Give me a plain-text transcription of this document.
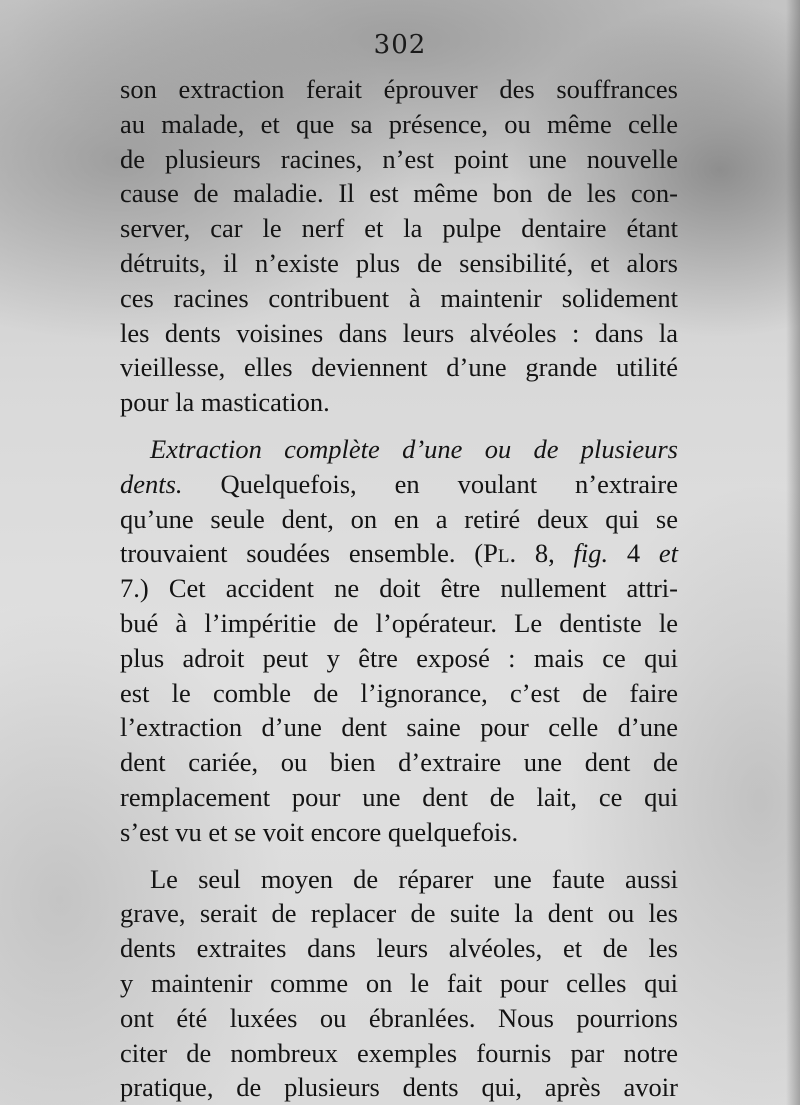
302
son extraction ferait éprouver des souffrances
au malade, et que sa présence, ou même celle
de plusieurs racines, n’est point une nouvelle
cause de maladie. Il est même bon de les con-
server, car le nerf et la pulpe dentaire étant
détruits, il n’existe plus de sensibilité, et alors
ces racines contribuent à maintenir solidement
les dents voisines dans leurs alvéoles : dans la
vieillesse, elles deviennent d’une grande utilité
pour la mastication.
Extraction complète d’une ou de plusieurs
dents. Quelquefois, en voulant n’extraire
qu’une seule dent, on en a retiré deux qui se
trouvaient soudées ensemble. (Pl. 8, fig. 4 et
7.) Cet accident ne doit être nullement attri-
bué à l’impéritie de l’opérateur. Le dentiste le
plus adroit peut y être exposé : mais ce qui
est le comble de l’ignorance, c’est de faire
l’extraction d’une dent saine pour celle d’une
dent cariée, ou bien d’extraire une dent de
remplacement pour une dent de lait, ce qui
s’est vu et se voit encore quelquefois.
Le seul moyen de réparer une faute aussi
grave, serait de replacer de suite la dent ou les
dents extraites dans leurs alvéoles, et de les
y maintenir comme on le fait pour celles qui
ont été luxées ou ébranlées. Nous pourrions
citer de nombreux exemples fournis par notre
pratique, de plusieurs dents qui, après avoir
